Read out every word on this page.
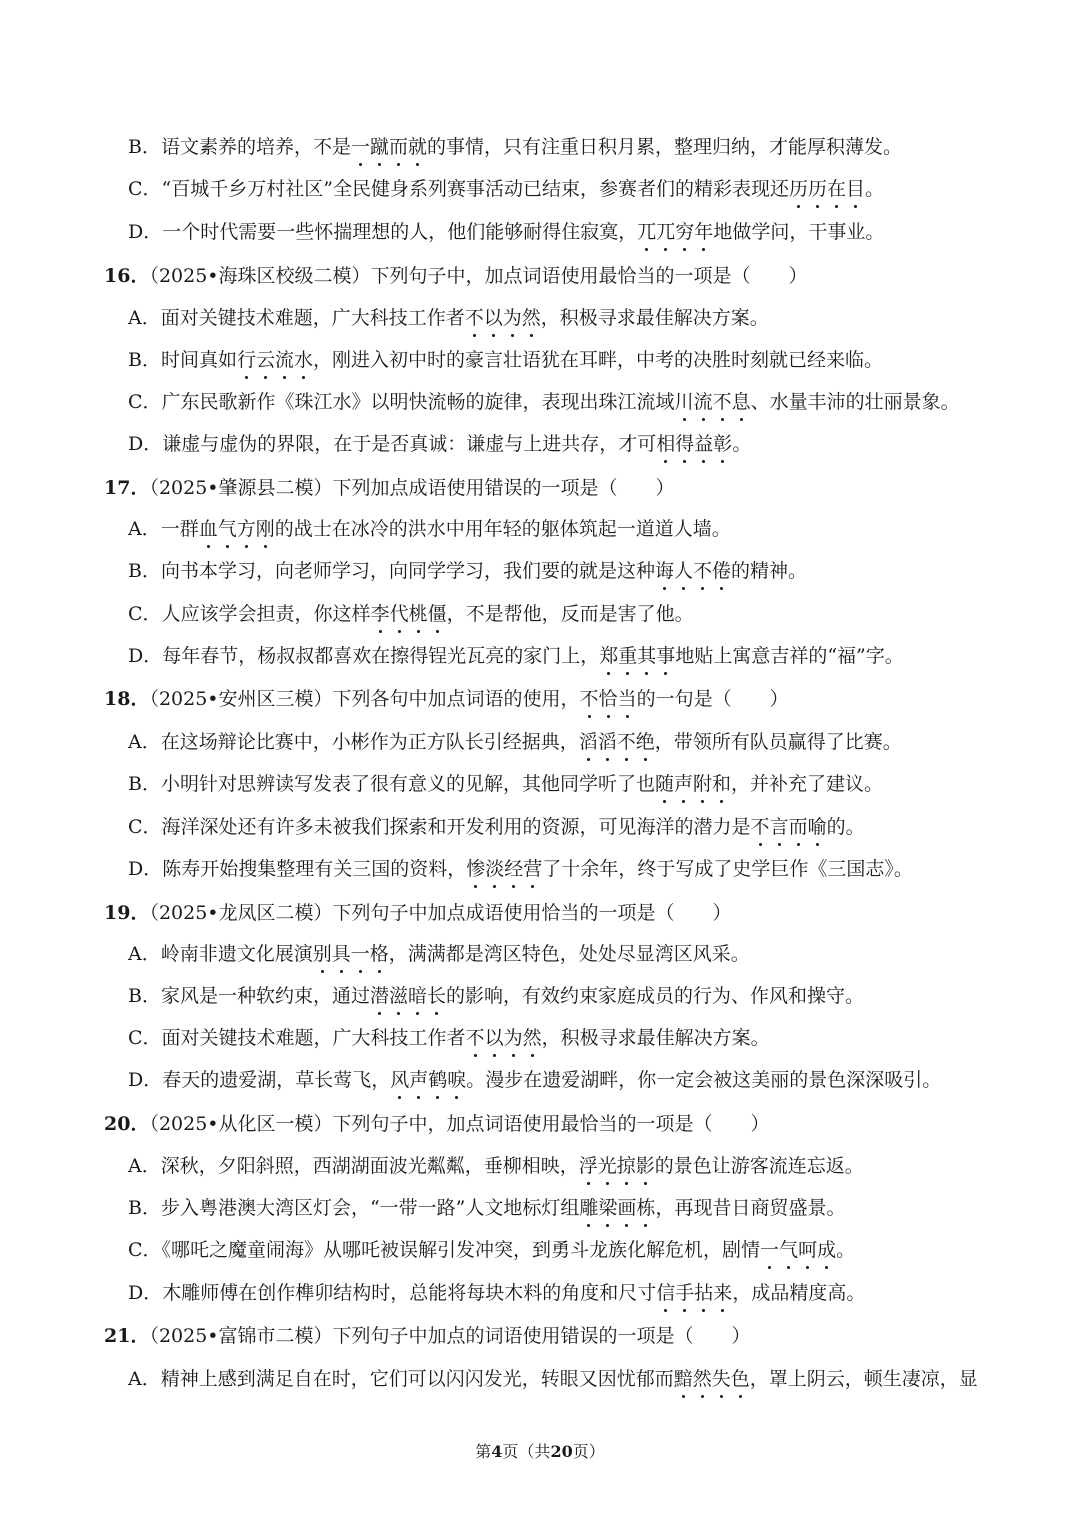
B．语文素养的培养，不是一蹴而就的事情，只有注重日积月累，整理归纳，才能厚积薄发。
C．“百城千乡万村社区”全民健身系列赛事活动已结束，参赛者们的精彩表现还历历在目。
D．一个时代需要一些怀揣理想的人，他们能够耐得住寂寞，兀兀穷年地做学问，干事业。
16．（2025•海珠区校级二模）下列句子中，加点词语使用最恰当的一项是（　　）
A．面对关键技术难题，广大科技工作者不以为然，积极寻求最佳解决方案。
B．时间真如行云流水，刚进入初中时的豪言壮语犹在耳畔，中考的决胜时刻就已经来临。
C．广东民歌新作《珠江水》以明快流畅的旋律，表现出珠江流域川流不息、水量丰沛的壮丽景象。
D．谦虚与虚伪的界限，在于是否真诚：谦虚与上进共存，才可相得益彰。
17．（2025•肇源县二模）下列加点成语使用错误的一项是（　　）
A．一群血气方刚的战士在冰冷的洪水中用年轻的躯体筑起一道道人墙。
B．向书本学习，向老师学习，向同学学习，我们要的就是这种诲人不倦的精神。
C．人应该学会担责，你这样李代桃僵，不是帮他，反而是害了他。
D．每年春节，杨叔叔都喜欢在擦得锃光瓦亮的家门上，郑重其事地贴上寓意吉祥的“福”字。
18．（2025•安州区三模）下列各句中加点词语的使用，不恰当的一句是（　　）
A．在这场辩论比赛中，小彬作为正方队长引经据典，滔滔不绝，带领所有队员赢得了比赛。
B．小明针对思辨读写发表了很有意义的见解，其他同学听了也随声附和，并补充了建议。
C．海洋深处还有许多未被我们探索和开发利用的资源，可见海洋的潜力是不言而喻的。
D．陈寿开始搜集整理有关三国的资料，惨淡经营了十余年，终于写成了史学巨作《三国志》。
19．（2025•龙凤区二模）下列句子中加点成语使用恰当的一项是（　　）
A．岭南非遗文化展演别具一格，满满都是湾区特色，处处尽显湾区风采。
B．家风是一种软约束，通过潜滋暗长的影响，有效约束家庭成员的行为、作风和操守。
C．面对关键技术难题，广大科技工作者不以为然，积极寻求最佳解决方案。
D．春天的遗爱湖，草长莺飞，风声鹤唳。漫步在遗爱湖畔，你一定会被这美丽的景色深深吸引。
20．（2025•从化区一模）下列句子中，加点词语使用最恰当的一项是（　　）
A．深秋，夕阳斜照，西湖湖面波光粼粼，垂柳相映，浮光掠影的景色让游客流连忘返。
B．步入粤港澳大湾区灯会，“一带一路”人文地标灯组雕梁画栋，再现昔日商贸盛景。
C．《哪吒之魔童闹海》从哪吒被误解引发冲突，到勇斗龙族化解危机，剧情一气呵成。
D．木雕师傅在创作榫卯结构时，总能将每块木料的角度和尺寸信手拈来，成品精度高。
21．（2025•富锦市二模）下列句子中加点的词语使用错误的一项是（　　）
A．精神上感到满足自在时，它们可以闪闪发光，转眼又因忧郁而黯然失色，罩上阴云，顿生凄凉，显
第4页（共20页）
